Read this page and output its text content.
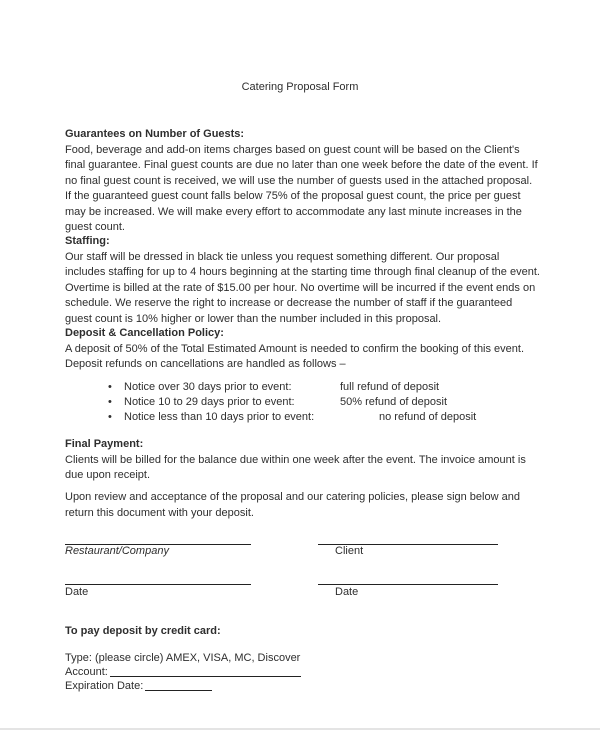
Catering Proposal Form
Guarantees on Number of Guests:
Food, beverage and add-on items charges based on guest count will be based on the Client's
final guarantee. Final guest counts are due no later than one week before the date of the event. If
no final guest count is received, we will use the number of guests used in the attached proposal.
If the guaranteed guest count falls below 75% of the proposal guest count, the price per guest
may be increased. We will make every effort to accommodate any last minute increases in the
guest count.
Staffing:
Our staff will be dressed in black tie unless you request something different. Our proposal
includes staffing for up to 4 hours beginning at the starting time through final cleanup of the event.
Overtime is billed at the rate of $15.00 per hour. No overtime will be incurred if the event ends on
schedule. We reserve the right to increase or decrease the number of staff if the guaranteed
guest count is 10% higher or lower than the number included in this proposal.
Deposit & Cancellation Policy:
A deposit of 50% of the Total Estimated Amount is needed to confirm the booking of this event.
Deposit refunds on cancellations are handled as follows –
• Notice over 30 days prior to event:	full refund of deposit
• Notice 10 to 29 days prior to event:	50% refund of deposit
• Notice less than 10 days prior to event:	no refund of deposit
Final Payment:
Clients will be billed for the balance due within one week after the event. The invoice amount is
due upon receipt.
Upon review and acceptance of the proposal and our catering policies, please sign below and
return this document with your deposit.
Restaurant/Company	Client
Date	Date
To pay deposit by credit card:
Type: (please circle) AMEX, VISA, MC, Discover
Account:
Expiration Date:
